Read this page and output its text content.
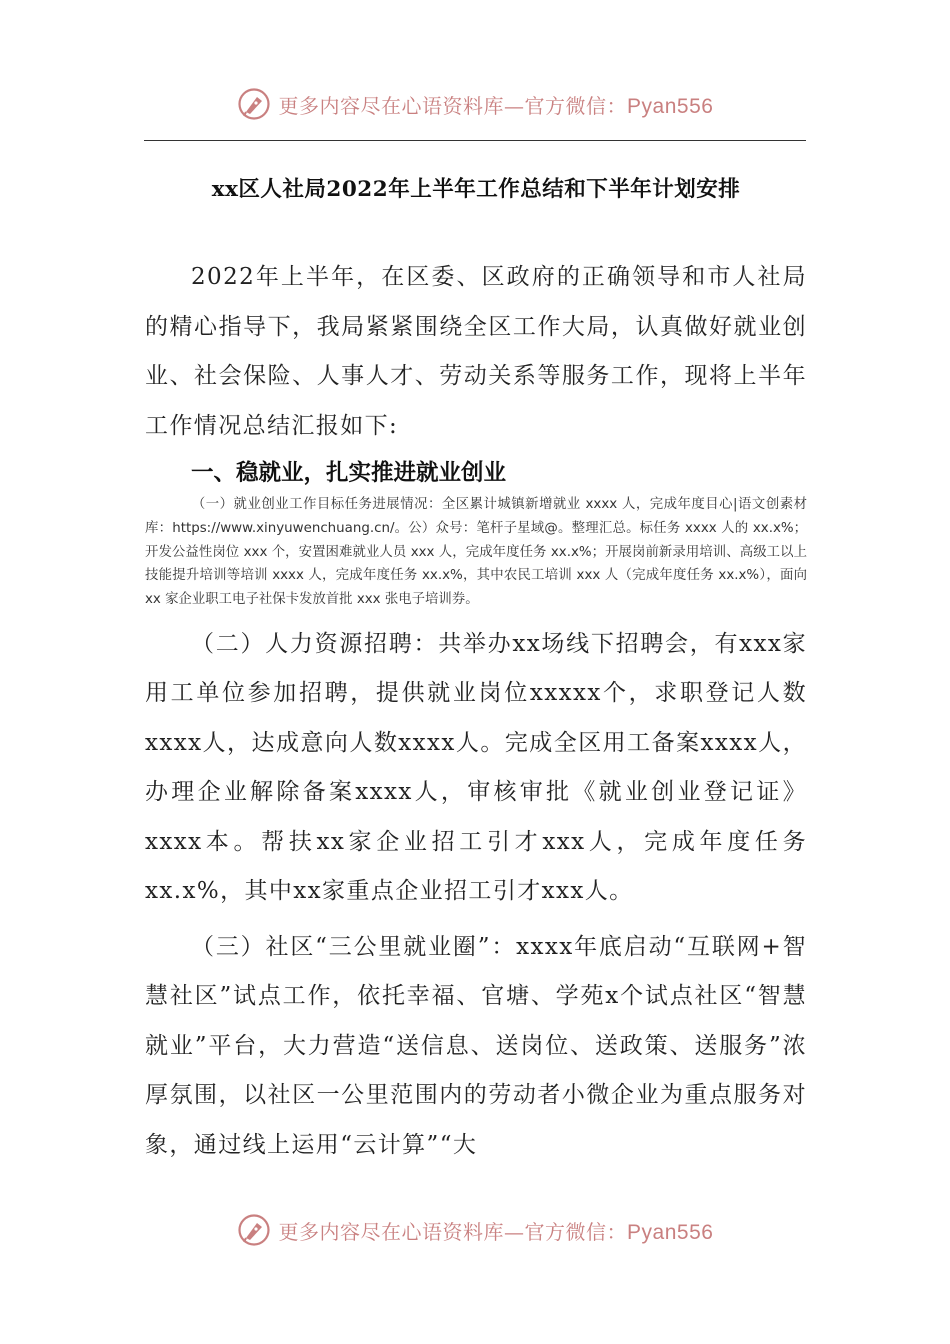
更多内容尽在心语资料库—官方微信：Pyan556
xx区人社局2022年上半年工作总结和下半年计划安排

2022年上半年，在区委、区政府的正确领导和市人社局的精心指导下，我局紧紧围绕全区工作大局，认真做好就业创业、社会保险、人事人才、劳动关系等服务工作，现将上半年工作情况总结汇报如下:

一、稳就业，扎实推进就业创业

（一）就业创业工作目标任务进展情况：全区累计城镇新增就业 xxxx 人，完成年度目心|语文创素材库：https://www.xinyuwenchuang.cn/。公）众号：笔杆子星域@。整理汇总。标任务 xxxx 人的 xx.x%；开发公益性岗位 xxx 个，安置困难就业人员 xxx 人，完成年度任务 xx.x%；开展岗前新录用培训、高级工以上技能提升培训等培训 xxxx 人，完成年度任务 xx.x%，其中农民工培训 xxx 人（完成年度任务 xx.x%），面向 xx 家企业职工电子社保卡发放首批 xxx 张电子培训券。

（二）人力资源招聘：共举办xx场线下招聘会，有xxx家用工单位参加招聘，提供就业岗位xxxxx个，求职登记人数xxxx人，达成意向人数xxxx人。完成全区用工备案xxxx人，办理企业解除备案xxxx人，审核审批《就业创业登记证》xxxx本。帮扶xx家企业招工引才xxx人，完成年度任务xx.x%，其中xx家重点企业招工引才xxx人。

（三）社区“三公里就业圈”：xxxx年底启动“互联网+智慧社区”试点工作，依托幸福、官塘、学苑x个试点社区“智慧就业”平台，大力营造“送信息、送岗位、送政策、送服务”浓厚氛围，以社区一公里范围内的劳动者小微企业为重点服务对象，通过线上运用“云计算”“大

更多内容尽在心语资料库—官方微信：Pyan556
